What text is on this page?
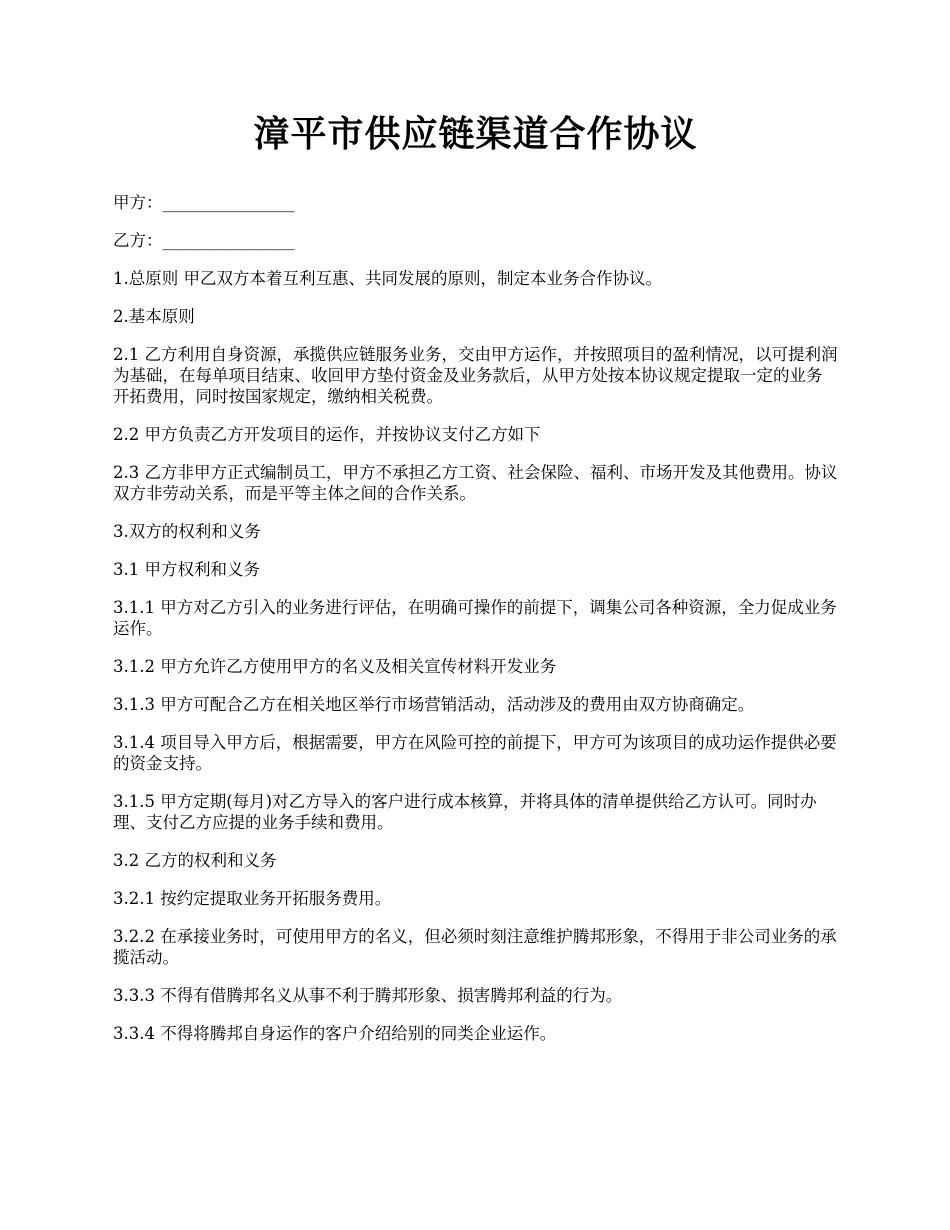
漳平市供应链渠道合作协议

甲方：________________

乙方：________________

1.总原则 甲乙双方本着互利互惠、共同发展的原则，制定本业务合作协议。

2.基本原则

2.1 乙方利用自身资源，承揽供应链服务业务，交由甲方运作，并按照项目的盈利情况，以可提利润为基础，在每单项目结束、收回甲方垫付资金及业务款后，从甲方处按本协议规定提取一定的业务开拓费用，同时按国家规定，缴纳相关税费。

2.2 甲方负责乙方开发项目的运作，并按协议支付乙方如下

2.3 乙方非甲方正式编制员工，甲方不承担乙方工资、社会保险、福利、市场开发及其他费用。协议双方非劳动关系，而是平等主体之间的合作关系。

3.双方的权利和义务

3.1 甲方权利和义务

3.1.1 甲方对乙方引入的业务进行评估，在明确可操作的前提下，调集公司各种资源，全力促成业务运作。

3.1.2 甲方允许乙方使用甲方的名义及相关宣传材料开发业务

3.1.3 甲方可配合乙方在相关地区举行市场营销活动，活动涉及的费用由双方协商确定。

3.1.4 项目导入甲方后，根据需要，甲方在风险可控的前提下，甲方可为该项目的成功运作提供必要的资金支持。

3.1.5 甲方定期(每月)对乙方导入的客户进行成本核算，并将具体的清单提供给乙方认可。同时办理、支付乙方应提的业务手续和费用。

3.2 乙方的权利和义务

3.2.1 按约定提取业务开拓服务费用。

3.2.2 在承接业务时，可使用甲方的名义，但必须时刻注意维护腾邦形象，不得用于非公司业务的承揽活动。

3.3.3 不得有借腾邦名义从事不利于腾邦形象、损害腾邦利益的行为。

3.3.4 不得将腾邦自身运作的客户介绍给别的同类企业运作。
